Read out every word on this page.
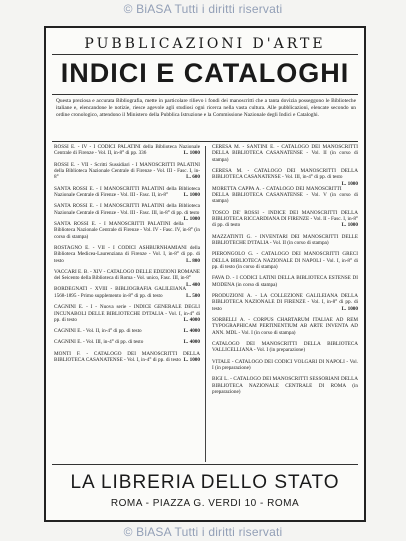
© BiASA Tutti i diritti riservati
PUBBLICAZIONI D'ARTE
INDICI E CATALOGHI
Questa preziosa e accurata Bibliografia, mette in particolare rilievo i fondi dei manoscritti che a tanta dovizia posseggono le Biblioteche italiane e, elencandone le notizie, riesce agevole agli studiosi ogni ricerca nella vasta cultura. Alle pubblicazioni, elencate secondo un ordine cronologico, attendono il Ministero della Pubblica Istruzione e la Commissione Nazionale degli Indici e Cataloghi.
ROSSI E. - IV - I CODICI PALATINI della Biblioteca Nazionale Centrale di Firenze - Vol. II, in-8° di pp. 336	L. 1000
ROSSI E. - VII - Scritti Sussidiari - I MANOSCRITTI PALATINI della Biblioteca Nazionale Centrale di Firenze - Vol. III - Fasc. I, in-8°	L. 600
SANTA ROSSI E. - I MANOSCRITTI PALATINI della Biblioteca Nazionale Centrale di Firenze - Vol. III - Fasc. II, in-8°	L. 1000
SANTA ROSSI E. - I MANOSCRITTI PALATINI della Biblioteca Nazionale Centrale di Firenze - Vol. III - Fasc. III, in-8° di pp. di testo
L. 1000
SANTA ROSSI E. - I MANOSCRITTI PALATINI della Biblioteca Nazionale Centrale di Firenze - Vol. IV - Fasc. IV, in-8° (in corso di stampa)
ROSTAGNO E. - VII - I CODICI ASHBURNHAMIANI della Biblioteca Medicea-Laurenziana di Firenze - Vol. I, in-8° di pp. di testo	L. 800
VACCARI E. B. - XIV - CATALOGO DELLE EDIZIONI ROMANE del Seicento della Biblioteca di Roma - Vol. unico, Fasc. III, in-8°
L. 400
BORDEGNATI - XVIII - BIBLIOGRAFIA GALILEIANA 1568-1895 - Primo supplemento in-8° di pp. di testo	L. 500
CAGNINI E. - I - Nuova serie - INDICE GENERALE DEGLI INCUNABOLI DELLE BIBLIOTECHE D'ITALIA - Vol. I, in-4° di pp. di testo	L. 4000
CAGNINI E. - Vol. II, in-4° di pp. di testo	L. 4000
CAGNINI E. - Vol. III, in-4° di pp. di testo	L. 4000
MONTI F. - CATALOGO DEI MANOSCRITTI DELLA BIBLIOTECA CASANATENSE - Vol. I, in-4° di pp. di testo L. 1000
CERESA M. - SANTINI E. - CATALOGO DEI MANOSCRITTI DELLA BIBLIOTECA CASANATENSE - Vol. II (in corso di stampa)
CERESA M. - CATALOGO DEI MANOSCRITTI DELLA BIBLIOTECA CASANATENSE - Vol. III, in-4° di pp. di testo
L. 1000
MORETTA CAPPA A. - CATALOGO DEI MANOSCRITTI DELLA BIBLIOTECA CASANATENSE - Vol. V (in corso di stampa)
TOSCO DE' ROSSI - INDICE DEI MANOSCRITTI DELLA BIBLIOTECA RICCARDIANA DI FIRENZE - Vol. II - Fasc. I, in-8° di pp. di testo	L. 1000
MAZZATINTI G. - INVENTARI DEI MANOSCRITTI DELLE BIBLIOTECHE D'ITALIA - Vol. II (in corso di stampa)
PIERONGOLO G. - CATALOGO DEI MANOSCRITTI GRECI DELLA BIBLIOTECA NAZIONALE DI NAPOLI - Vol. I, in-8° di pp. di testo (in corso di stampa)
FAVA D. - I CODICI LATINI DELLA BIBLIOTECA ESTENSE DI MODENA (in corso di stampa)
PRODUZIONI A. - LA COLLEZIONE GALILEIANA DELLA BIBLIOTECA NAZIONALE DI FIRENZE - Vol. I, in-8° di pp. di testo	L. 1000
SORBELLI A. - CORPUS CHARTARUM ITALIAE AD REM TYPOGRAPHICAM PERTINENTIUM AB ARTE INVENTA AD ANN. MDL - Vol. I (in corso di stampa)
CATALOGO DEI MANOSCRITTI DELLA BIBLIOTECA VALLICELLIANA - Vol. I (in preparazione)
VITALE - CATALOGO DEI CODICI VOLGARI DI NAPOLI - Vol. I (in preparazione)
BIGI L. - CATALOGO DEI MANOSCRITTI SESSORIANI DELLA BIBLIOTECA NAZIONALE CENTRALE DI ROMA (in preparazione)
LA LIBRERIA DELLO STATO
ROMA - PIAZZA G. VERDI 10 - ROMA
© BiASA Tutti i diritti riservati
